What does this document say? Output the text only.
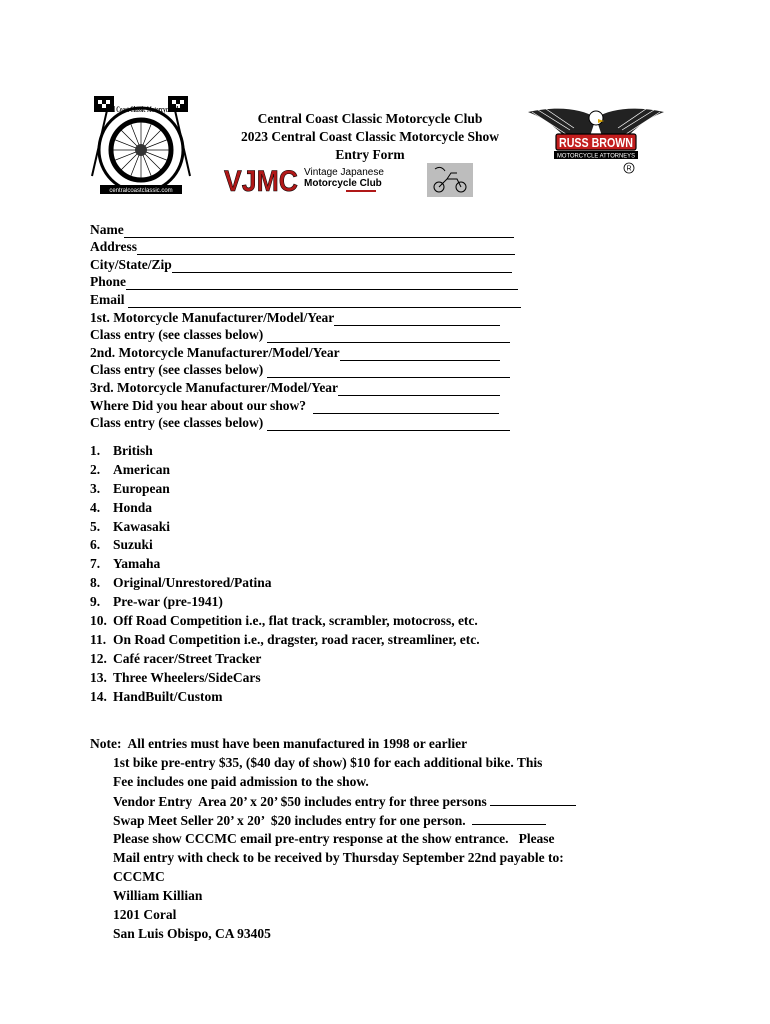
Central Coast Classic Motorcycle Club
centralcoastclassic.com
RUSS BROWN
MOTORCYCLE ATTORNEYS
R
VJMC Vintage Japanese
Motorcycle Club
Central Coast Classic Motorcycle Club
2023 Central Coast Classic Motorcycle Show
Entry Form
Name
Address
City/State/Zip
Phone
Email
1st. Motorcycle Manufacturer/Model/Year
Class entry (see classes below)
2nd. Motorcycle Manufacturer/Model/Year
Class entry (see classes below)
3rd. Motorcycle Manufacturer/Model/Year
Where Did you hear about our show?
Class entry (see classes below)
1. British
2. American
3. European
4. Honda
5. Kawasaki
6. Suzuki
7. Yamaha
8. Original/Unrestored/Patina
9. Pre-war (pre-1941)
10. Off Road Competition i.e., flat track, scrambler, motocross, etc.
11. On Road Competition i.e., dragster, road racer, streamliner, etc.
12. Café racer/Street Tracker
13. Three Wheelers/SideCars
14. HandBuilt/Custom
Note:  All entries must have been manufactured in 1998 or earlier
1st bike pre-entry $35, ($40 day of show) $10 for each additional bike. This
Fee includes one paid admission to the show.
Vendor Entry  Area 20’ x 20’ $50 includes entry for three persons
Swap Meet Seller 20’ x 20’  $20 includes entry for one person.
Please show CCCMC email pre-entry response at the show entrance.   Please
Mail entry with check to be received by Thursday September 22nd payable to:
CCCMC
William Killian
1201 Coral
San Luis Obispo, CA 93405
